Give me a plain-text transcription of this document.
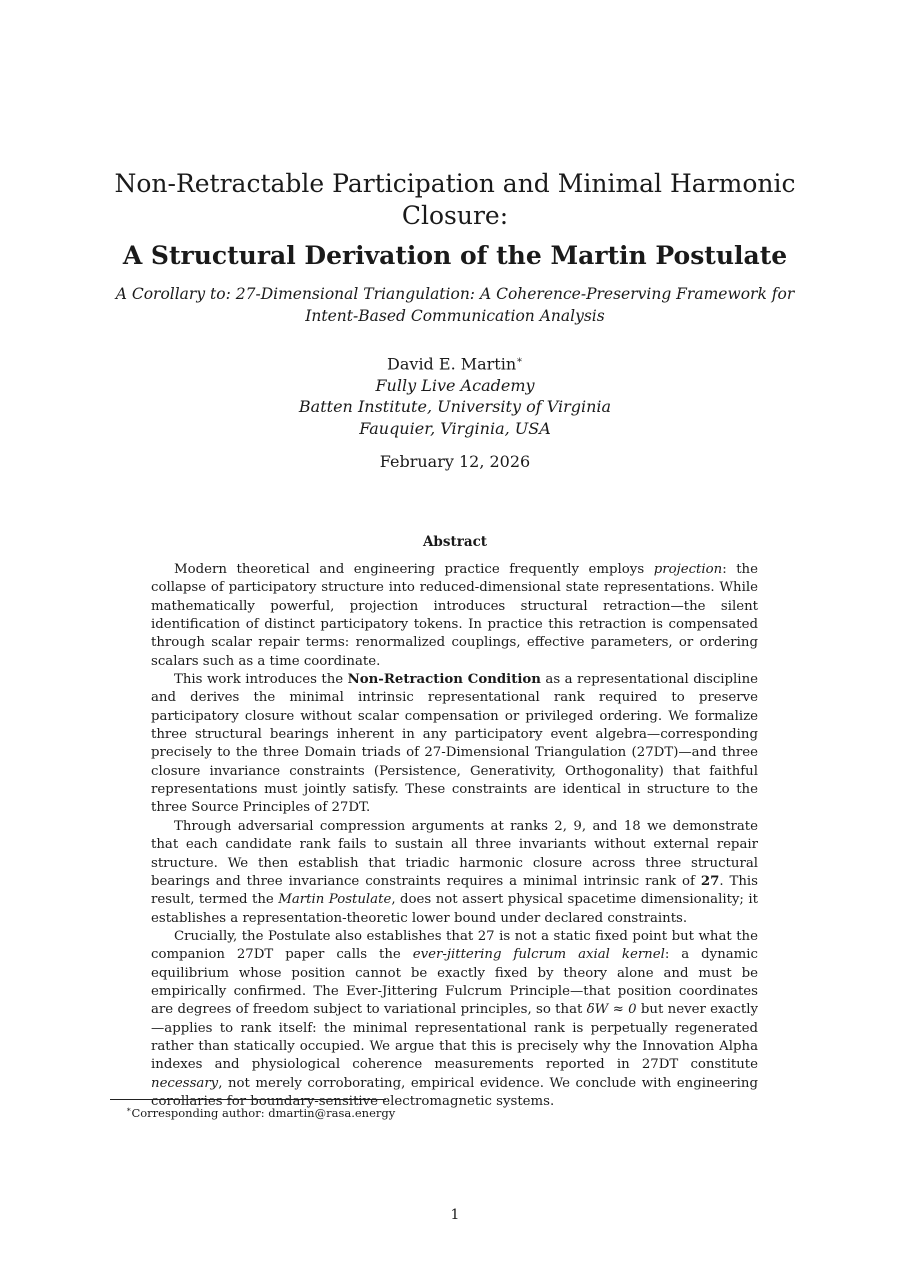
Non-Retractable Participation and Minimal Harmonic Closure:
A Structural Derivation of the Martin Postulate
A Corollary to: 27-Dimensional Triangulation: A Coherence-Preserving Framework for Intent-Based Communication Analysis
David E. Martin∗
Fully Live Academy
Batten Institute, University of Virginia
Fauquier, Virginia, USA
February 12, 2026
Abstract

Modern theoretical and engineering practice frequently employs projection: the collapse of participatory structure into reduced-dimensional state representations. While mathematically powerful, projection introduces structural retraction—the silent identification of distinct participatory tokens. In practice this retraction is compensated through scalar repair terms: renormalized couplings, effective parameters, or ordering scalars such as a time coordinate.

This work introduces the Non-Retraction Condition as a representational discipline and derives the minimal intrinsic representational rank required to preserve participatory closure without scalar compensation or privileged ordering. We formalize three structural bearings inherent in any participatory event algebra—corresponding precisely to the three Domain triads of 27-Dimensional Triangulation (27DT)—and three closure invariance constraints (Persistence, Generativity, Orthogonality) that faithful representations must jointly satisfy. These constraints are identical in structure to the three Source Principles of 27DT.

Through adversarial compression arguments at ranks 2, 9, and 18 we demonstrate that each candidate rank fails to sustain all three invariants without external repair structure. We then establish that triadic harmonic closure across three structural bearings and three invariance constraints requires a minimal intrinsic rank of 27. This result, termed the Martin Postulate, does not assert physical spacetime dimensionality; it establishes a representation-theoretic lower bound under declared constraints.

Crucially, the Postulate also establishes that 27 is not a static fixed point but what the companion 27DT paper calls the ever-jittering fulcrum axial kernel: a dynamic equilibrium whose position cannot be exactly fixed by theory alone and must be empirically confirmed. The Ever-Jittering Fulcrum Principle—that position coordinates are degrees of freedom subject to variational principles, so that δW ≈ 0 but never exactly—applies to rank itself: the minimal representational rank is perpetually regenerated rather than statically occupied. We argue that this is precisely why the Innovation Alpha indexes and physiological coherence measurements reported in 27DT constitute necessary, not merely corroborating, empirical evidence. We conclude with engineering corollaries for boundary-sensitive electromagnetic systems.

∗Corresponding author: dmartin@rasa.energy
1
